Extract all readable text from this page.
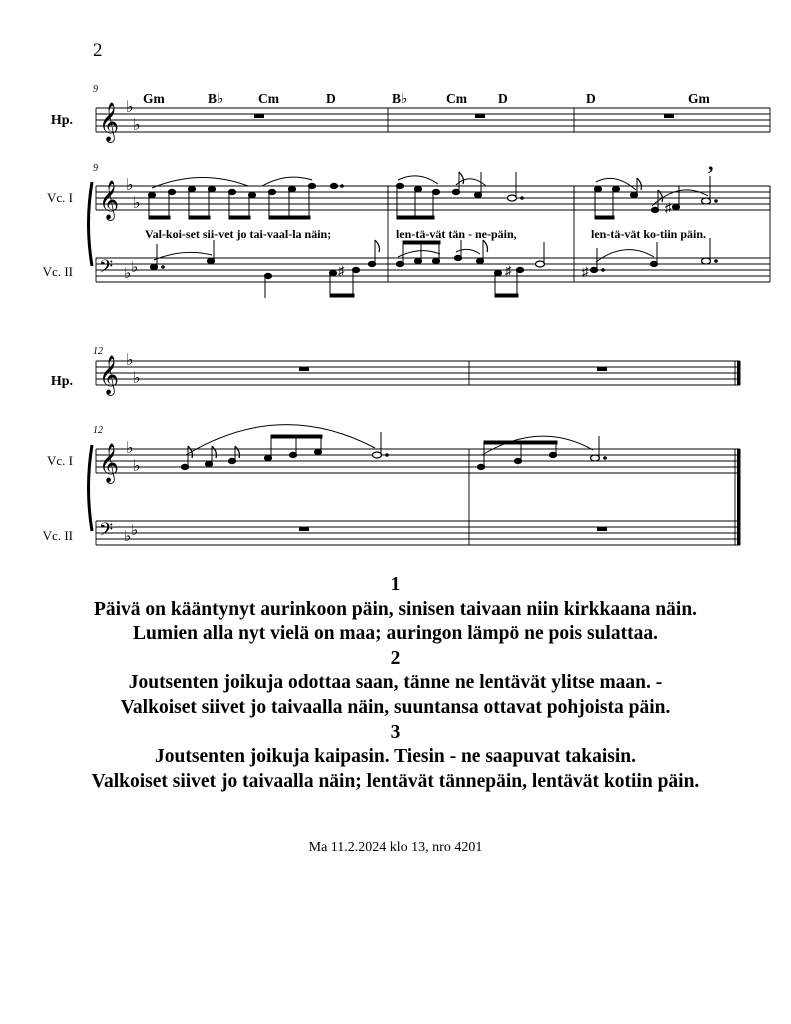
2
9
9
Hp.
Vc. I
Vc. II
Gm	B♭	Cm	D	B♭	Cm D	D	Gm
𝄞 ♭
♭
𝄞 ♭
♭	♯
,
Val-koi-set sii-vet jo tai-vaal-la näin;	len-tä-vät tän - ne-päin,	len-tä-vät ko-tiin päin.
𝄢 ♭ ♭	♯	♯	♯
12
12
Hp.
Vc. I
Vc. II
𝄞 ♭
♭
𝄞 ♭
♭
𝄢 ♭ ♭
1
Päivä on kääntynyt aurinkoon päin, sinisen taivaan niin kirkkaana näin.
Lumien alla nyt vielä on maa; auringon lämpö ne pois sulattaa.
2
Joutsenten joikuja odottaa saan, tänne ne lentävät ylitse maan. -
Valkoiset siivet jo taivaalla näin, suuntansa ottavat pohjoista päin.
3
Joutsenten joikuja kaipasin. Tiesin - ne saapuvat takaisin.
Valkoiset siivet jo taivaalla näin; lentävät tännepäin, lentävät kotiin päin.
Ma 11.2.2024 klo 13, nro 4201
